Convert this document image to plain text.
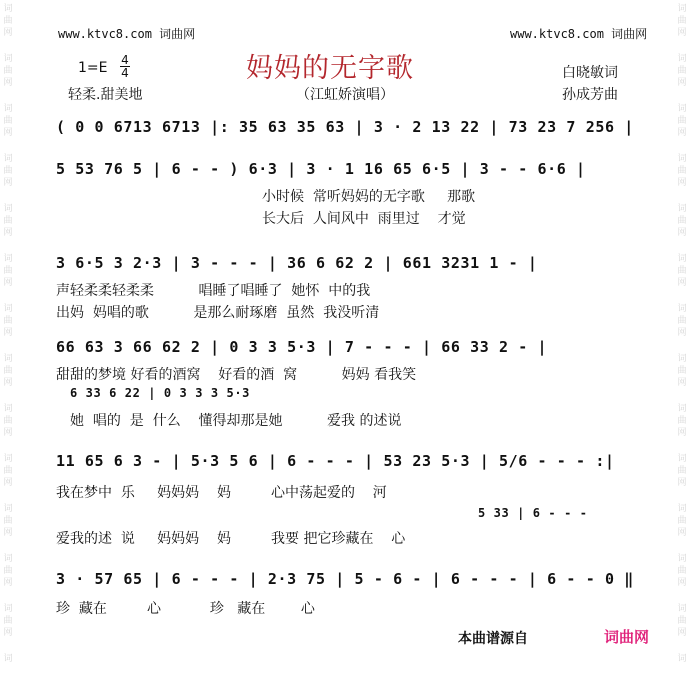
词
曲
网
词
曲
网
词
曲
网
词
曲
网
词
曲
网
词
曲
网
词
曲
网
词
曲
网
词
曲
网
词
曲
网
词
曲
网
词
曲
网
词
曲
网
词
词
曲
网
词
曲
网
词
曲
网
词
曲
网
词
曲
网
词
曲
网
词
曲
网
词
曲
网
词
曲
网
词
曲
网
词
曲
网
词
曲
网
词
曲
网
词
www.ktvc8.com 词曲网	www.ktvc8.com 词曲网
妈妈的无字歌
1=E 4
4
轻柔.甜美地	（江虹娇演唱）
白晓敏词
孙成芳曲
( 0 0 6713 6713 |: 35 63 35 63 | 3 · 2 13 22 | 73 23 7 256 |
5 53 76 5 | 6 - - ) 6·3 | 3 · 1 16 65 6·5 | 3 - - 6·6 |
小时候  常听妈妈的无字歌     那歌
长大后  人间风中  雨里过    才觉
3 6·5 3 2·3 | 3 - - - | 36 6 62 2 | 661 3231 1 - |
声轻柔柔轻柔柔          唱睡了唱睡了  她怀  中的我
出妈  妈唱的歌          是那么耐琢磨  虽然  我没听清
66 63 3 66 62 2 | 0 3 3 5·3 | 7 - - - | 66 33 2 - |
甜甜的梦境 好看的酒窝    好看的酒  窝          妈妈 看我笑
6 33 6 22 | 0 3 3 3 5·3
她  唱的  是  什么    懂得却那是她          爱我 的述说
11 65 6 3 - | 5·3 5 6 | 6 - - - | 53 23 5·3 | 5/6 - - - :|
我在梦中  乐     妈妈妈    妈         心中荡起爱的    河
5 33 | 6 - - -
爱我的述  说     妈妈妈    妈         我要 把它珍藏在    心
3 · 57 65 | 6 - - - | 2·3 75 | 5 - 6 - | 6 - - - | 6 - - 0 ‖
珍  藏在         心           珍   藏在        心
本曲谱源自	词曲网
